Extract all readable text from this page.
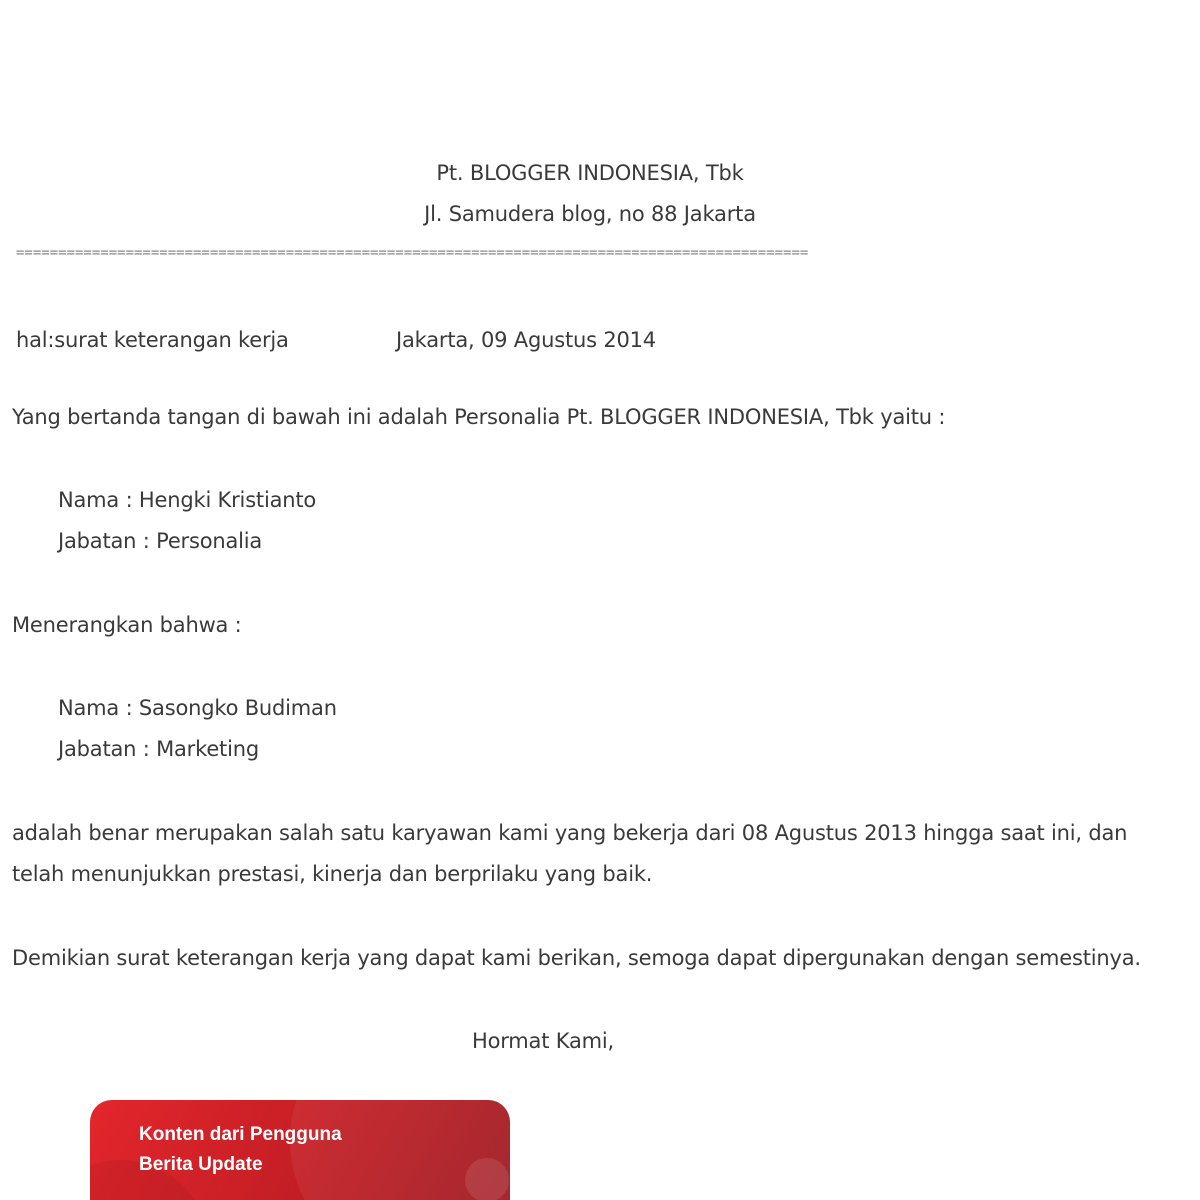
Pt. BLOGGER INDONESIA, Tbk

Jl. Samudera blog, no 88 Jakarta

==============================================================================================

hal:surat keterangan kerja	Jakarta, 09 Agustus 2014

Yang bertanda tangan di bawah ini adalah Personalia Pt. BLOGGER INDONESIA, Tbk yaitu :

Nama : Hengki Kristianto

Jabatan : Personalia

Menerangkan bahwa :

Nama : Sasongko Budiman

Jabatan : Marketing

adalah benar merupakan salah satu karyawan kami yang bekerja dari 08 Agustus 2013 hingga saat ini, dan

telah menunjukkan prestasi, kinerja dan berprilaku yang baik.

Demikian surat keterangan kerja yang dapat kami berikan, semoga dapat dipergunakan dengan semestinya.

Hormat Kami,

Konten dari Pengguna

Berita Update
